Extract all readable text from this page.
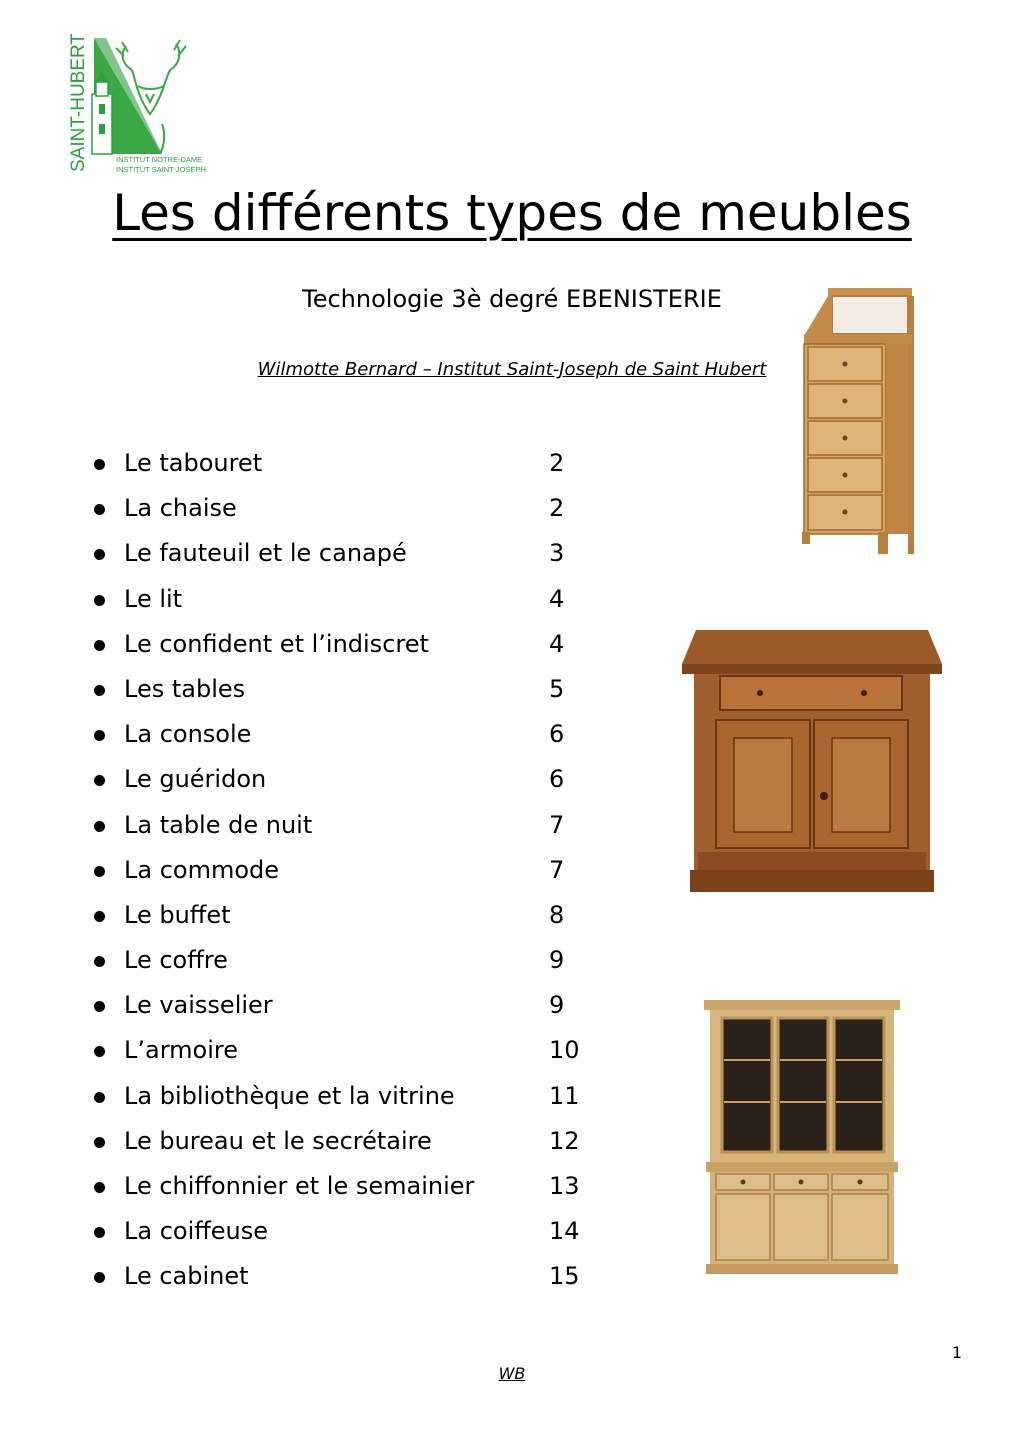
SAINT-HUBERT	INSTITUT NOTRE-DAME
INSTITUT SAINT-JOSEPH
Les différents types de meubles
Technologie 3è degré EBENISTERIE
Wilmotte Bernard – Institut Saint-Joseph de Saint Hubert
Le tabouret	2
La chaise	2
Le fauteuil et le canapé	3
Le lit	4
Le confident et l’indiscret	4
Les tables	5
La console	6
Le guéridon	6
La table de nuit	7
La commode	7
Le buffet	8
Le coffre	9
Le vaisselier	9
L’armoire	10
La bibliothèque et la vitrine	11
Le bureau et le secrétaire	12
Le chiffonnier et le semainier	13
La coiffeuse	14
Le cabinet	15
1
WB
